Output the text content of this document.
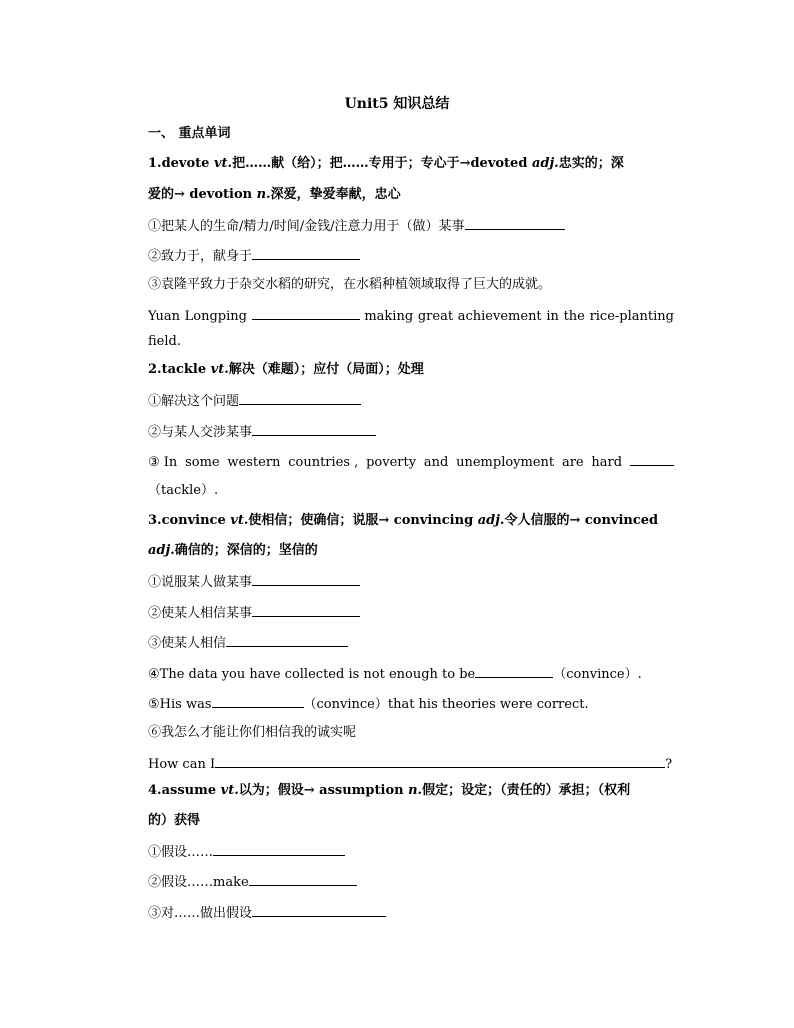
Unit5 知识总结
一、 重点单词
1.devote vt.把……献（给）；把……专用于；专心于→devoted adj.忠实的；深
爱的→ devotion n.深爱，挚爱奉献，忠心
①把某人的生命/精力/时间/金钱/注意力用于（做）某事
②致力于，献身于
③袁隆平致力于杂交水稻的研究，在水稻种植领域取得了巨大的成就。
Yuan Longping	making great achievement in the rice-planting
field.
2.tackle vt.解决（难题）；应付（局面）；处理
①解决这个问题
②与某人交涉某事
③ In some western countries , poverty and unemployment are hard
（tackle）.
3.convince vt.使相信；使确信；说服→ convincing adj.令人信服的→ convinced
adj.确信的；深信的；坚信的
①说服某人做某事
②使某人相信某事
③使某人相信
④The data you have collected is not enough to be	（convince）.
⑤His was	（convince）that his theories were correct.
⑥我怎么才能让你们相信我的诚实呢
How can I	?
4.assume vt.以为；假设→ assumption n.假定；设定；（责任的）承担；（权利
的）获得
①假设……
②假设……make
③对……做出假设
